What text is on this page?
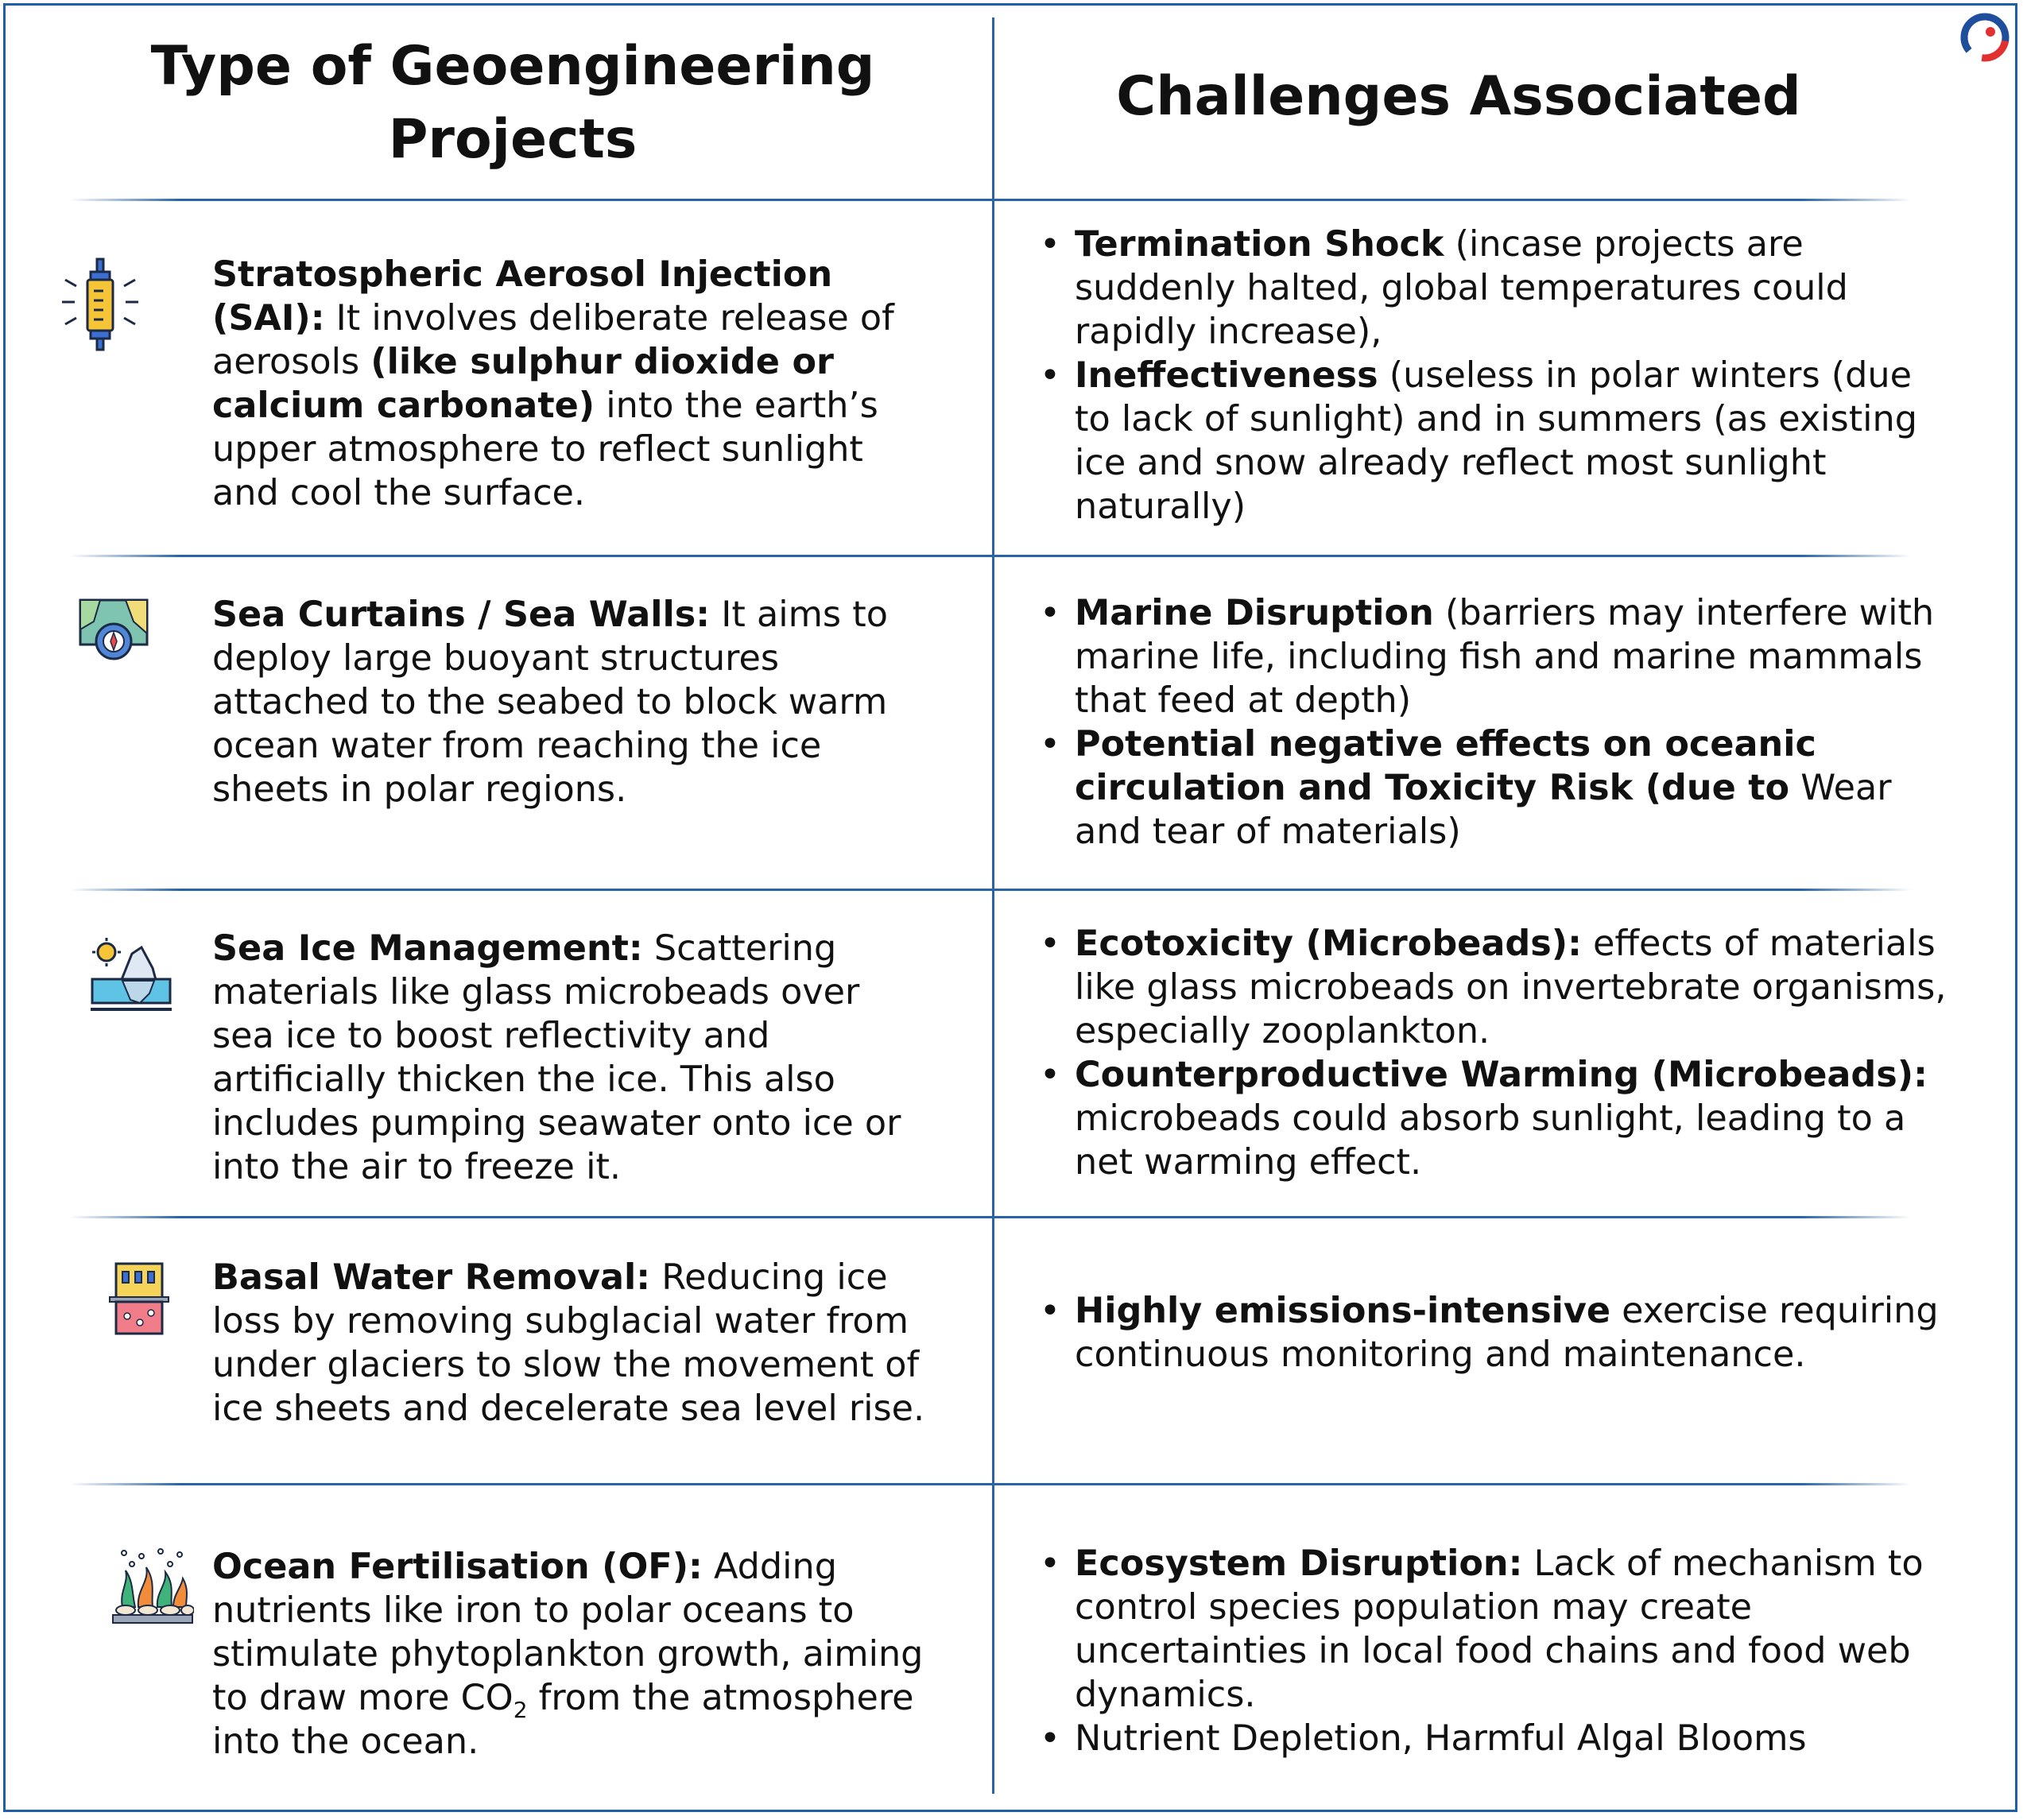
Type of Geoengineering Projects
Challenges Associated
Stratospheric Aerosol Injection (SAI): It involves deliberate release of aerosols (like sulphur dioxide or calcium carbonate) into the earth’s upper atmosphere to reflect sunlight and cool the surface.
• Termination Shock (incase projects are suddenly halted, global temperatures could rapidly increase),
• Ineffectiveness (useless in polar winters (due to lack of sunlight) and in summers (as existing ice and snow already reflect most sunlight naturally)
Sea Curtains / Sea Walls: It aims to deploy large buoyant structures attached to the seabed to block warm ocean water from reaching the ice sheets in polar regions.
• Marine Disruption (barriers may interfere with marine life, including fish and marine mammals that feed at depth)
• Potential negative effects on oceanic circulation and Toxicity Risk (due to Wear and tear of materials)
Sea Ice Management: Scattering materials like glass microbeads over sea ice to boost reflectivity and artificially thicken the ice. This also includes pumping seawater onto ice or into the air to freeze it.
• Ecotoxicity (Microbeads): effects of materials like glass microbeads on invertebrate organisms, especially zooplankton.
• Counterproductive Warming (Microbeads): microbeads could absorb sunlight, leading to a net warming effect.
Basal Water Removal: Reducing ice loss by removing subglacial water from under glaciers to slow the movement of ice sheets and decelerate sea level rise.
• Highly emissions-intensive exercise requiring continuous monitoring and maintenance.
Ocean Fertilisation (OF): Adding nutrients like iron to polar oceans to stimulate phytoplankton growth, aiming to draw more $CO_2$ from the atmosphere into the ocean.
• Ecosystem Disruption: Lack of mechanism to control species population may create uncertainties in local food chains and food web dynamics.
• Nutrient Depletion, Harmful Algal Blooms
